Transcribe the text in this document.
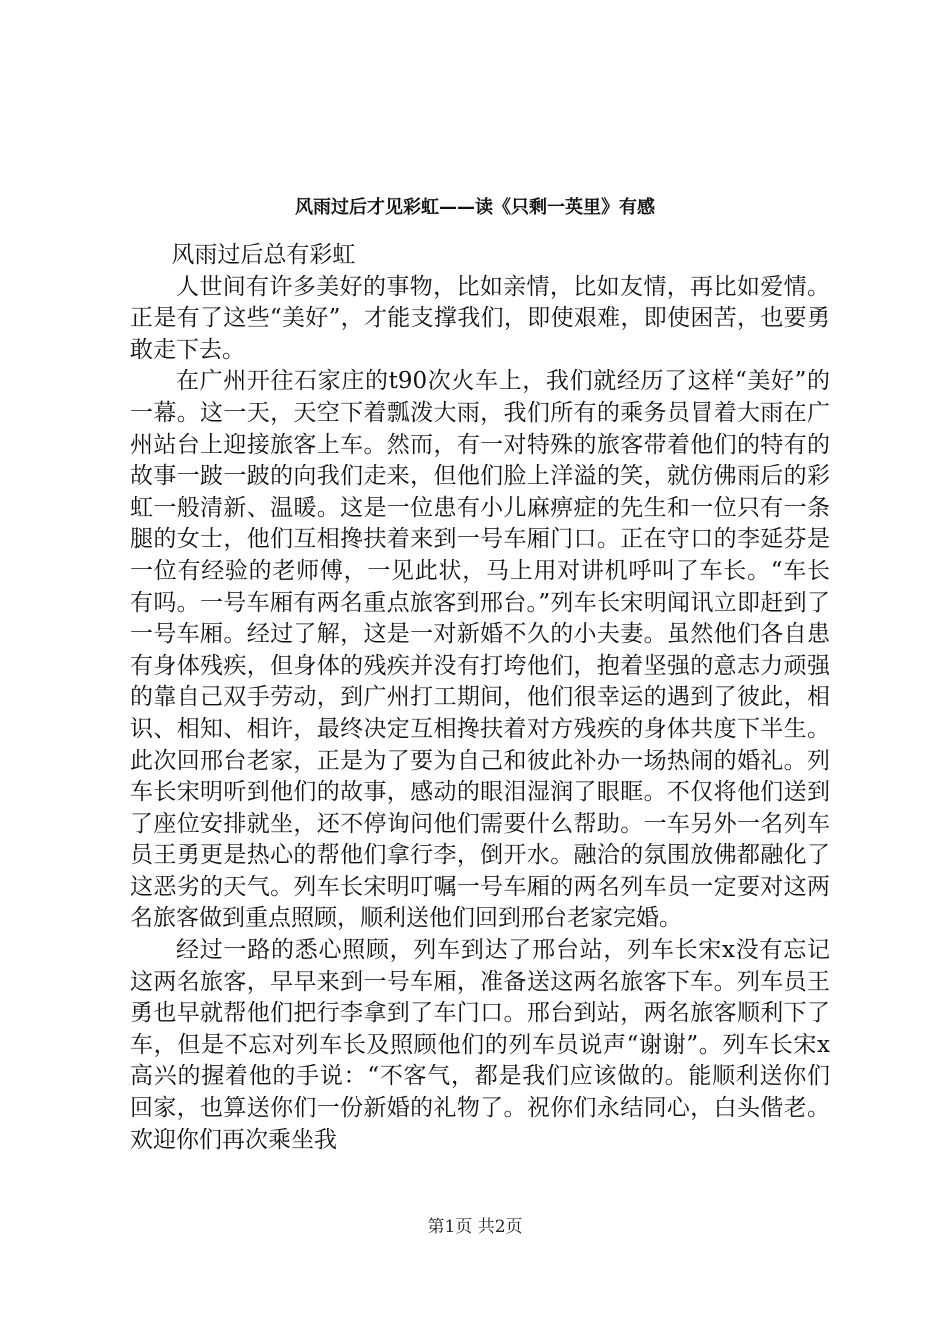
风雨过后才见彩虹——读《只剩一英里》有感

风雨过后总有彩虹

人世间有许多美好的事物，比如亲情，比如友情，再比如爱情。正是有了这些“美好”，才能支撑我们，即使艰难，即使困苦，也要勇敢走下去。

在广州开往石家庄的t90次火车上，我们就经历了这样“美好”的一幕。这一天，天空下着瓢泼大雨，我们所有的乘务员冒着大雨在广州站台上迎接旅客上车。然而，有一对特殊的旅客带着他们的特有的故事一跛一跛的向我们走来，但他们脸上洋溢的笑，就仿佛雨后的彩虹一般清新、温暖。这是一位患有小儿麻痹症的先生和一位只有一条腿的女士，他们互相搀扶着来到一号车厢门口。正在守口的李延芬是一位有经验的老师傅，一见此状，马上用对讲机呼叫了车长。“车长有吗。一号车厢有两名重点旅客到邢台。”列车长宋明闻讯立即赶到了一号车厢。经过了解，这是一对新婚不久的小夫妻。虽然他们各自患有身体残疾，但身体的残疾并没有打垮他们，抱着坚强的意志力顽强的靠自己双手劳动，到广州打工期间，他们很幸运的遇到了彼此，相识、相知、相许，最终决定互相搀扶着对方残疾的身体共度下半生。此次回邢台老家，正是为了要为自己和彼此补办一场热闹的婚礼。列车长宋明听到他们的故事，感动的眼泪湿润了眼眶。不仅将他们送到了座位安排就坐，还不停询问他们需要什么帮助。一车另外一名列车员王勇更是热心的帮他们拿行李，倒开水。融洽的氛围放佛都融化了这恶劣的天气。列车长宋明叮嘱一号车厢的两名列车员一定要对这两名旅客做到重点照顾，顺利送他们回到邢台老家完婚。

经过一路的悉心照顾，列车到达了邢台站，列车长宋x没有忘记这两名旅客，早早来到一号车厢，准备送这两名旅客下车。列车员王勇也早就帮他们把行李拿到了车门口。邢台到站，两名旅客顺利下了车，但是不忘对列车长及照顾他们的列车员说声“谢谢”。列车长宋x高兴的握着他的手说：“不客气，都是我们应该做的。能顺利送你们回家，也算送你们一份新婚的礼物了。祝你们永结同心，白头偕老。欢迎你们再次乘坐我

第1页 共2页
